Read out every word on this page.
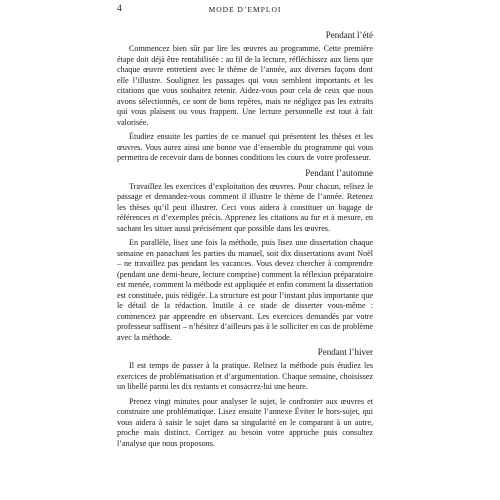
4	MODE D’EMPLOI
Pendant l’été

Commencez bien sûr par lire les œuvres au programme. Cette première étape doit déjà être rentabilisée : au fil de la lecture, réfléchissez aux liens que chaque œuvre entretient avec le thème de l’année, aux diverses façons dont elle l’illustre. Soulignez les passages qui vous semblent importants et les citations que vous souhaitez retenir. Aidez-vous pour cela de ceux que nous avons sélectionnés, ce sont de bons repères, mais ne négligez pas les extraits qui vous plaisent ou vous frappent. Une lecture personnelle est tout à fait valorisée.

Étudiez ensuite les parties de ce manuel qui présentent les thèses et les œuvres. Vous aurez ainsi une bonne vue d’ensemble du programme qui vous permettra de recevoir dans de bonnes conditions les cours de votre professeur.

Pendant l’automne

Travaillez les exercices d’exploitation des œuvres. Pour chacun, relisez le passage et demandez-vous comment il illustre le thème de l’année. Retenez les thèses qu’il peut illustrer. Ceci vous aidera à constituer un bagage de références et d’exemples précis. Apprenez les citations au fur et à mesure, en sachant les situer aussi précisément que possible dans les œuvres.

En parallèle, lisez une fois la méthode, puis lisez une dissertation chaque semaine en panachant les parties du manuel, soit dix dissertations avant Noël – ne travaillez pas pendant les vacances. Vous devez chercher à comprendre (pendant une demi-heure, lecture comprise) comment la réflexion préparatoire est menée, comment la méthode est appliquée et enfin comment la dissertation est constituée, puis rédigée. La structure est pour l’instant plus importante que le détail de la rédaction. Inutile à ce stade de disserter vous-même : commencez par apprendre en observant. Les exercices demandés par votre professeur suffisent – n’hésitez d’ailleurs pas à le solliciter en cas de problème avec la méthode.

Pendant l’hiver

Il est temps de passer à la pratique. Relisez la méthode puis étudiez les exercices de problématisation et d’argumentation. Chaque semaine, choisissez un libellé parmi les dix restants et consacrez-lui une heure.

Prenez vingt minutes pour analyser le sujet, le confronter aux œuvres et construire une problématique. Lisez ensuite l’annexe Éviter le hors-sujet, qui vous aidera à saisir le sujet dans sa singularité en le comparant à un autre, proche mais distinct. Corrigez au besoin votre approche puis consultez l’analyse que nous proposons.
